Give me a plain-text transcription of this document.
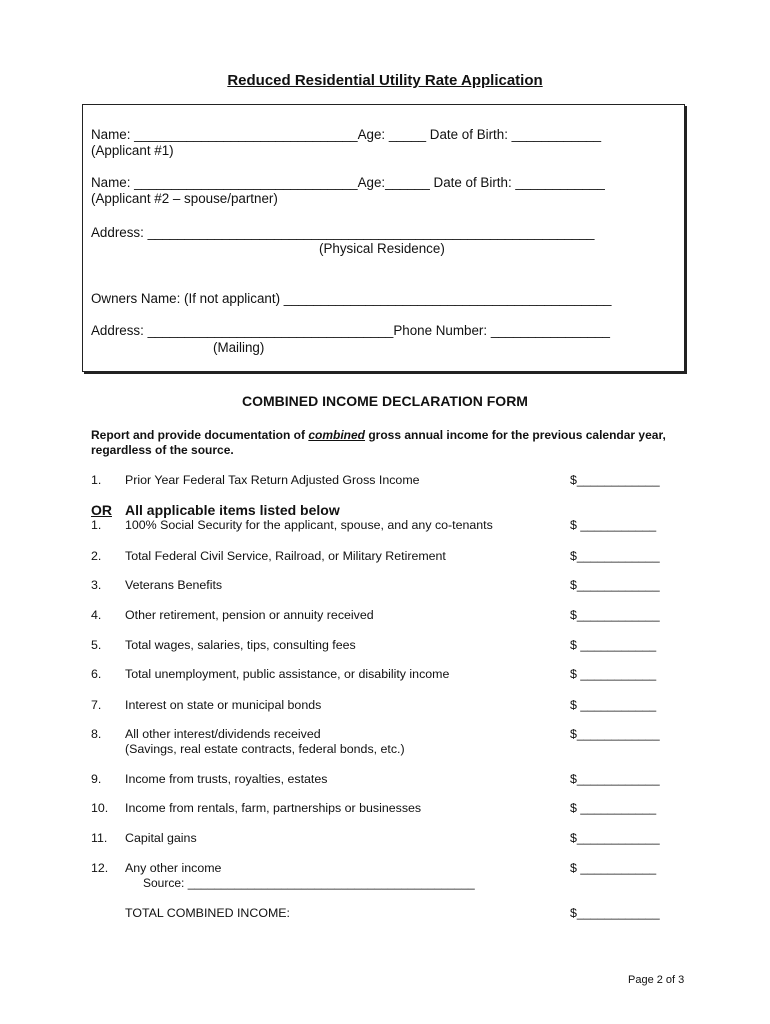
Reduced Residential Utility Rate Application
Name: ______________________________Age: _____ Date of Birth: ____________
(Applicant #1)
Name: ______________________________Age:______ Date of Birth: ____________
(Applicant #2 – spouse/partner)
Address: ____________________________________________________________
(Physical Residence)
Owners Name: (If not applicant) ____________________________________________
Address: _________________________________Phone Number: ________________
(Mailing)
COMBINED INCOME DECLARATION FORM
Report and provide documentation of combined gross annual income for the previous calendar year, regardless of the source.
1. Prior Year Federal Tax Return Adjusted Gross Income	$____________
OR All applicable items listed below
1. 100% Social Security for the applicant, spouse, and any co-tenants	$ ___________
2. Total Federal Civil Service, Railroad, or Military Retirement	$____________
3. Veterans Benefits	$____________
4. Other retirement, pension or annuity received	$____________
5. Total wages, salaries, tips, consulting fees	$ ___________
6. Total unemployment, public assistance, or disability income	$ ___________
7. Interest on state or municipal bonds	$ ___________
8. All other interest/dividends received	$____________
(Savings, real estate contracts, federal bonds, etc.)
9. Income from trusts, royalties, estates	$____________
10. Income from rentals, farm, partnerships or businesses	$ ___________
11. Capital gains	$____________
12. Any other income	$ ___________
Source: ___________________________________________
TOTAL COMBINED INCOME:	$____________
Page 2 of 3
